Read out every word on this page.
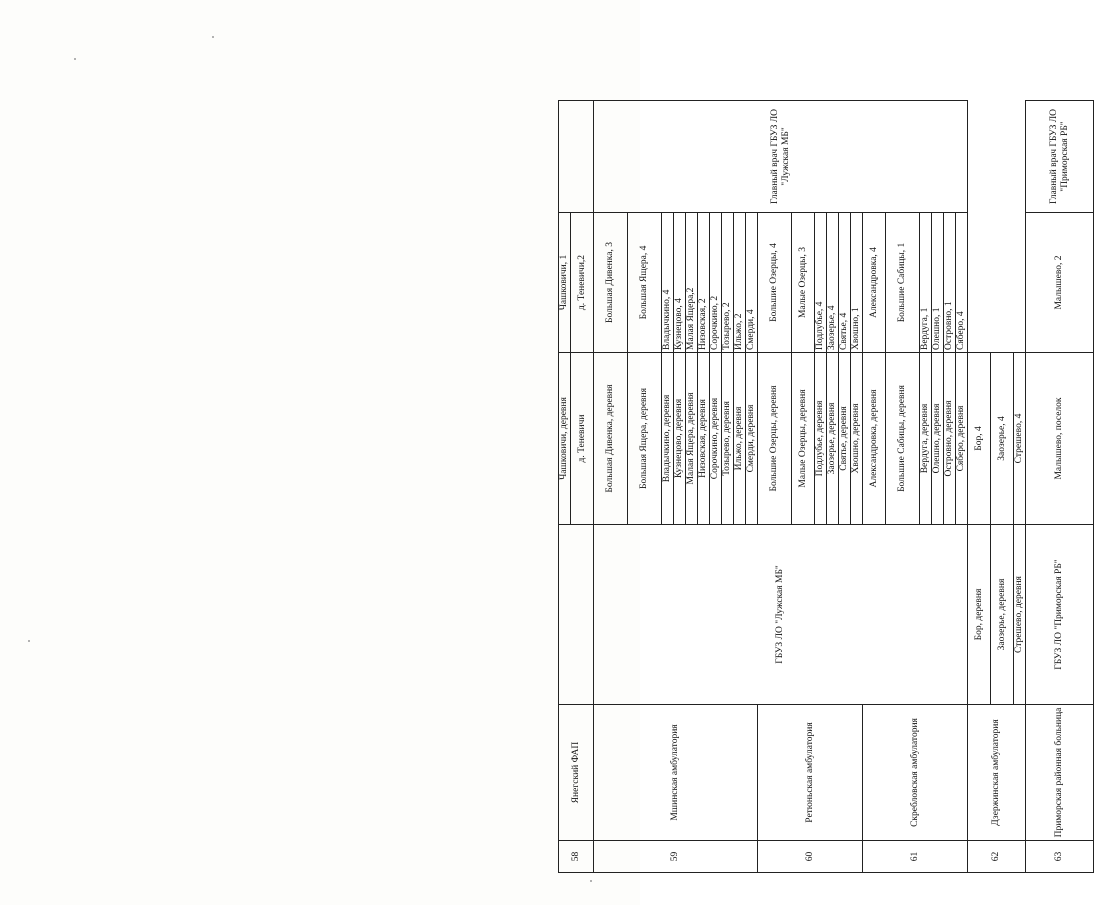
58	Янегский ФАП		Чашковичи, деревня	Чашковичи, 1	
			д. Теневичи	д. Теневичи,2	
59	Мшинская амбулатория	ГБУЗ ЛО "Лужская МБ"	Большая Дивенка, деревня	Большая Дивенка, 3	Главный врач ГБУЗ ЛО "Лужская МБ"
			Большая Ящера, деревня	Большая Ящера, 4	
			Владычкино, деревня	Владычкино, 4	
			Кузнецово, деревня	Кузнецово, 4	
			Малая Ящера, деревня	Малая Ящера,2	
			Низовская, деревня	Низовская, 2	
			Сорочкино, деревня	Сорочкино, 2	
			Тозырево, деревня	Тозырево, 2	
			Ильжо, деревня	Ильжо, 2	
			Смерди, деревня	Смерди, 4	
60	Ретюньская амбулатория		Большие Озерцы, деревня	Большие Озерцы, 4	
			Малые Озерцы, деревня	Малые Озерцы, 3	
			Подлубье, деревня	Подлубье, 4	
			Заозерье, деревня	Заозерье, 4	
			Святье, деревня	Святье, 4	
			Хвошно, деревня	Хвошно, 1	
61	Скребловская амбулатория		Александровка, деревня	Александровка, 4	
			Большие Сабицы, деревня	Большие Сабицы, 1	
			Вердуга, деревня	Вердуга, 1	
			Олешно, деревня	Олешно, 1	
			Островно, деревня	Островно, 1	
			Сяберо, деревня	Сяберо, 4	
62	Дзержинская амбулатория	Бор, деревня	Бор, 4		
		Заозерье, деревня	Заозерье, 4		
		Стрешево, деревня	Стрешево, 4		
63	Приморская районная больница	ГБУЗ ЛО "Приморская РБ"	Малышево, поселок	Малышево, 2	Главный врач ГБУЗ ЛО "Приморская РБ"
